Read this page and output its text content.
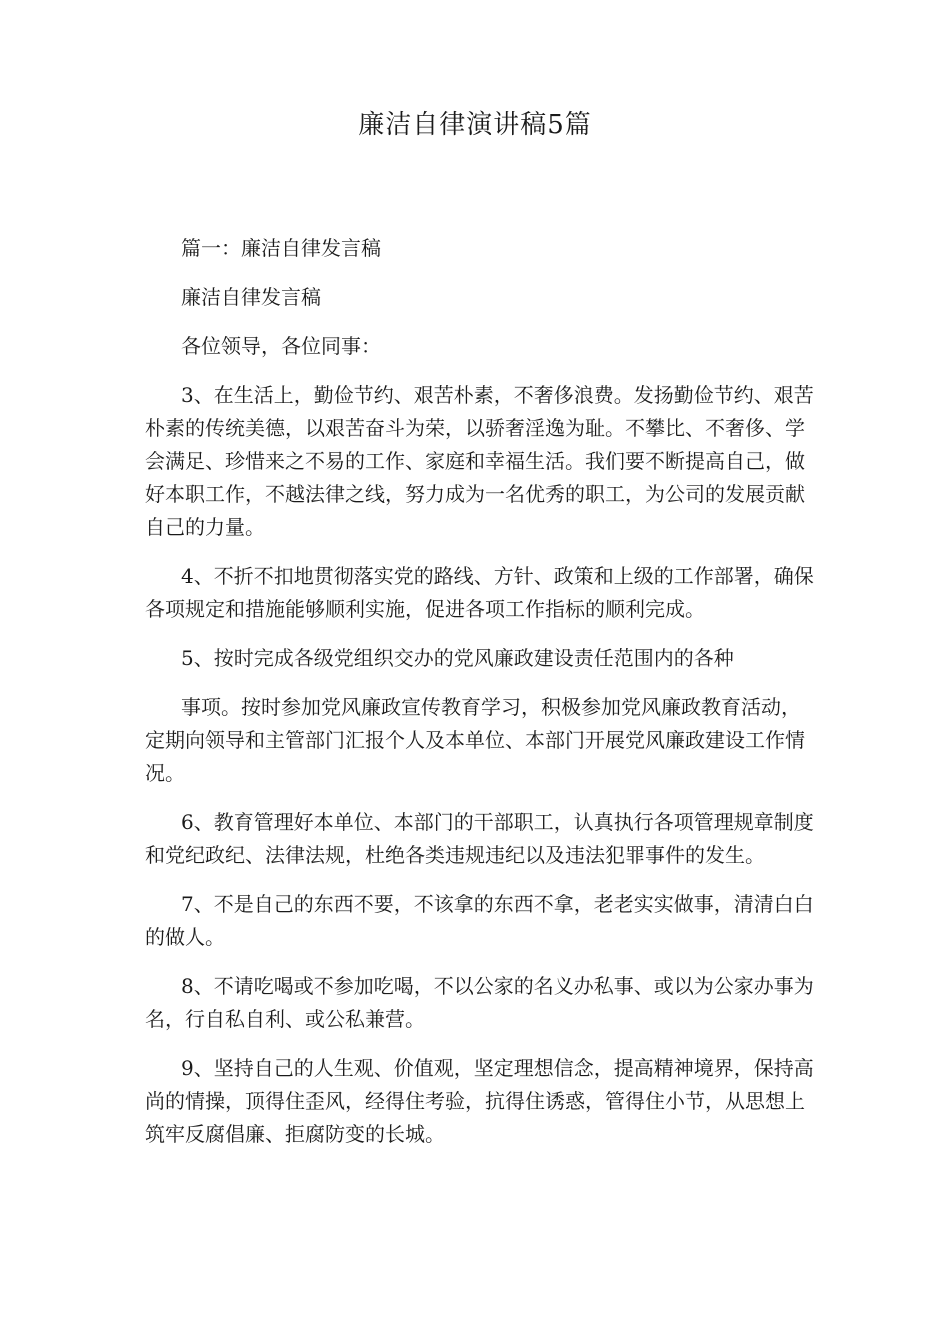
廉洁自律演讲稿5篇

篇一：廉洁自律发言稿

廉洁自律发言稿

各位领导，各位同事：

3、在生活上，勤俭节约、艰苦朴素，不奢侈浪费。发扬勤俭节约、艰苦朴素的传统美德，以艰苦奋斗为荣，以骄奢淫逸为耻。不攀比、不奢侈、学会满足、珍惜来之不易的工作、家庭和幸福生活。我们要不断提高自己，做好本职工作，不越法律之线，努力成为一名优秀的职工，为公司的发展贡献自己的力量。

4、不折不扣地贯彻落实党的路线、方针、政策和上级的工作部署，确保各项规定和措施能够顺利实施，促进各项工作指标的顺利完成。

5、按时完成各级党组织交办的党风廉政建设责任范围内的各种

事项。按时参加党风廉政宣传教育学习，积极参加党风廉政教育活动，定期向领导和主管部门汇报个人及本单位、本部门开展党风廉政建设工作情况。

6、教育管理好本单位、本部门的干部职工，认真执行各项管理规章制度和党纪政纪、法律法规，杜绝各类违规违纪以及违法犯罪事件的发生。

7、不是自己的东西不要，不该拿的东西不拿，老老实实做事，清清白白的做人。

8、不请吃喝或不参加吃喝，不以公家的名义办私事、或以为公家办事为名，行自私自利、或公私兼营。

9、坚持自己的人生观、价值观，坚定理想信念，提高精神境界，保持高尚的情操，顶得住歪风，经得住考验，抗得住诱惑，管得住小节，从思想上筑牢反腐倡廉、拒腐防变的长城。
